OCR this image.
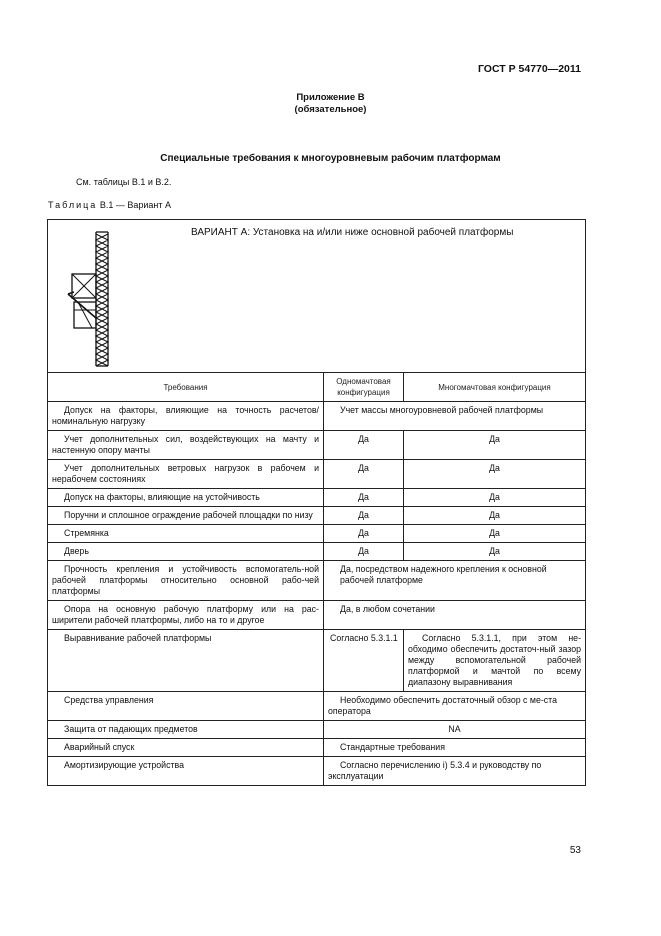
ГОСТ Р 54770—2011
Приложение В
(обязательное)
Специальные требования к многоуровневым рабочим платформам
См. таблицы В.1 и В.2.
Таблица В.1 — Вариант А
ВАРИАНТ А: Установка на и/или ниже основной рабочей платформы		

Требования	Одномачтовая конфигурация	Многомачтовая конфигурация
Допуск на факторы, влияющие на точность расчетов/ номинальную нагрузку	Учет массы многоуровневой рабочей платформы	
Учет дополнительных сил, воздействующих на мачту и настенную опору мачты	Да	Да
Учет дополнительных ветровых нагрузок в рабочем и нерабочем состояниях	Да	Да
Допуск на факторы, влияющие на устойчивость	Да	Да
Поручни и сплошное ограждение рабочей площадки по низу	Да	Да
Стремянка	Да	Да
Дверь	Да	Да
Прочность крепления и устойчивость вспомогатель-ной рабочей платформы относительно основной рабо-чей платформы	Да, посредством надежного крепления к основной рабочей платформе	
Опора на основную рабочую платформу или на рас-ширители рабочей платформы, либо на то и другое	Да, в любом сочетании	
Выравнивание рабочей платформы	Согласно 5.3.1.1	Согласно 5.3.1.1, при этом не-обходимо обеспечить достаточ-ный зазор между вспомогательной рабочей платформой и мачтой по всему диапазону выравнивания
Средства управления	Необходимо обеспечить достаточный обзор с ме-ста оператора	
Защита от падающих предметов	NA	
Аварийный спуск	Стандартные требования	
Амортизирующие устройства	Согласно перечислению i) 5.3.4 и руководству по эксплуатации	
53
